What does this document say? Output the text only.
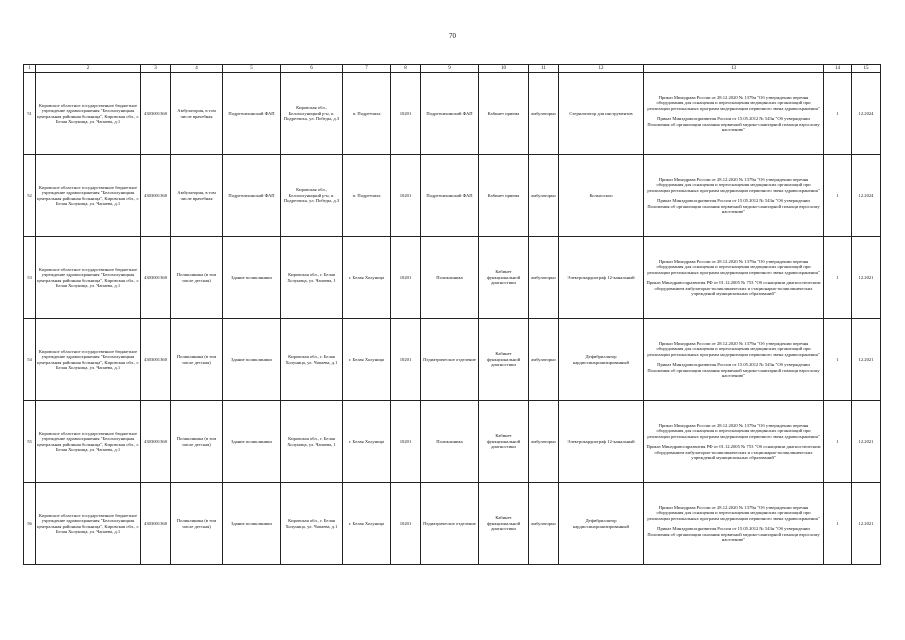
70
1	2	3	4	5	6	7	8	9	10	11	12	13	14	15
51	Кировское областное государственное бюджетное учреждение здравоохранения "Белохолуницкая центральная районная больница", Кировская обл., г. Белая Холуница, ул. Чапаева, д.1	4303001360	Амбулатория, в том числе врачебная	Подрезчихинский ФАП	Кировская обл., Белохолуницкий р-н, п. Подрезчиха, ул. Победы, д.3	п. Подрезчиха	10201	Подрезчихинский ФАП	Кабинет приема	амбулаторно	Стерилизатор для инструментов	Приказ Минздрава России от 28.12.2020 № 1379н "Об утверждении перечня оборудования для оснащения и переоснащения медицинских организаций при реализации региональных программ модернизации первичного звена здравоохранения"

Приказ Минздравсоцразвития России от 15.05.2012 № 543н "Об утверждении Положения об организации оказания первичной медико-санитарной помощи взрослому населению"	1	12.2024
52	Кировское областное государственное бюджетное учреждение здравоохранения "Белохолуницкая центральная районная больница", Кировская обл., г. Белая Холуница, ул. Чапаева, д.1	4303001360	Амбулатория, в том числе врачебная	Подрезчихинский ФАП	Кировская обл., Белохолуницкий р-н, п. Подрезчиха, ул. Победы, д.3	п. Подрезчиха	10201	Подрезчихинский ФАП	Кабинет приема	амбулаторно	Кольпоскоп	Приказ Минздрава России от 28.12.2020 № 1379н "Об утверждении перечня оборудования для оснащения и переоснащения медицинских организаций при реализации региональных программ модернизации первичного звена здравоохранения"

Приказ Минздравсоцразвития России от 15.05.2012 № 543н "Об утверждении Положения об организации оказания первичной медико-санитарной помощи взрослому населению"	1	12.2024
53	Кировское областное государственное бюджетное учреждение здравоохранения "Белохолуницкая центральная районная больница", Кировская обл., г. Белая Холуница, ул. Чапаева, д.1	4303001360	Поликлиника (в том числе детская)	Здание поликлиники	Кировская обл., г. Белая Холуница, ул. Чапаева, 1	г. Белая Холуница	10201	Поликлиника	Кабинет функциональной диагностики	амбулаторно	Электрокардиограф 12-канальный	Приказ Минздрава России от 28.12.2020 № 1379н "Об утверждении перечня оборудования для оснащения и переоснащения медицинских организаций при реализации региональных программ модернизации первичного звена здравоохранения"

Приказ Минздравсоцразвития РФ от 01.12.2005 № 753 "Об оснащении диагностическим оборудованием амбулаторно-поликлинических и стационарно-поликлинических учреждений муниципальных образований"	1	12.2021
54	Кировское областное государственное бюджетное учреждение здравоохранения "Белохолуницкая центральная районная больница", Кировская обл., г. Белая Холуница, ул. Чапаева, д.1	4303001360	Поликлиника (в том числе детская)	Здание поликлиники	Кировская обл., г. Белая Холуница, ул. Чапаева, д.1	г. Белая Холуница	10201	Педиатрическое отделение	Кабинет функциональной диагностики	амбулаторно	Дефибриллятор кардиосинхронизированный	Приказ Минздрава России от 28.12.2020 № 1379н "Об утверждении перечня оборудования для оснащения и переоснащения медицинских организаций при реализации региональных программ модернизации первичного звена здравоохранения"

Приказ Минздравсоцразвития России от 15.05.2012 № 543н "Об утверждении Положения об организации оказания первичной медико-санитарной помощи взрослому населению"	1	12.2021
55	Кировское областное государственное бюджетное учреждение здравоохранения "Белохолуницкая центральная районная больница", Кировская обл., г. Белая Холуница, ул. Чапаева, д.1	4303001360	Поликлиника (в том числе детская)	Здание поликлиники	Кировская обл., г. Белая Холуница, ул. Чапаева, 1	г. Белая Холуница	10201	Поликлиника	Кабинет функциональной диагностики	амбулаторно	Электрокардиограф 12-канальный	Приказ Минздрава России от 28.12.2020 № 1379н "Об утверждении перечня оборудования для оснащения и переоснащения медицинских организаций при реализации региональных программ модернизации первичного звена здравоохранения"

Приказ Минздравсоцразвития РФ от 01.12.2005 № 753 "Об оснащении диагностическим оборудованием амбулаторно-поликлинических и стационарно-поликлинических учреждений муниципальных образований"	1	12.2021
56	Кировское областное государственное бюджетное учреждение здравоохранения "Белохолуницкая центральная районная больница", Кировская обл., г. Белая Холуница, ул. Чапаева, д.1	4303001360	Поликлиника (в том числе детская)	Здание поликлиники	Кировская обл., г. Белая Холуница, ул. Чапаева, д.1	г. Белая Холуница	10201	Педиатрическое отделение	Кабинет функциональной диагностики	амбулаторно	Дефибриллятор кардиосинхронизированный	Приказ Минздрава России от 28.12.2020 № 1379н "Об утверждении перечня оборудования для оснащения и переоснащения медицинских организаций при реализации региональных программ модернизации первичного звена здравоохранения"

Приказ Минздравсоцразвития России от 15.05.2012 № 543н "Об утверждении Положения об организации оказания первичной медико-санитарной помощи взрослому населению"	1	12.2021
